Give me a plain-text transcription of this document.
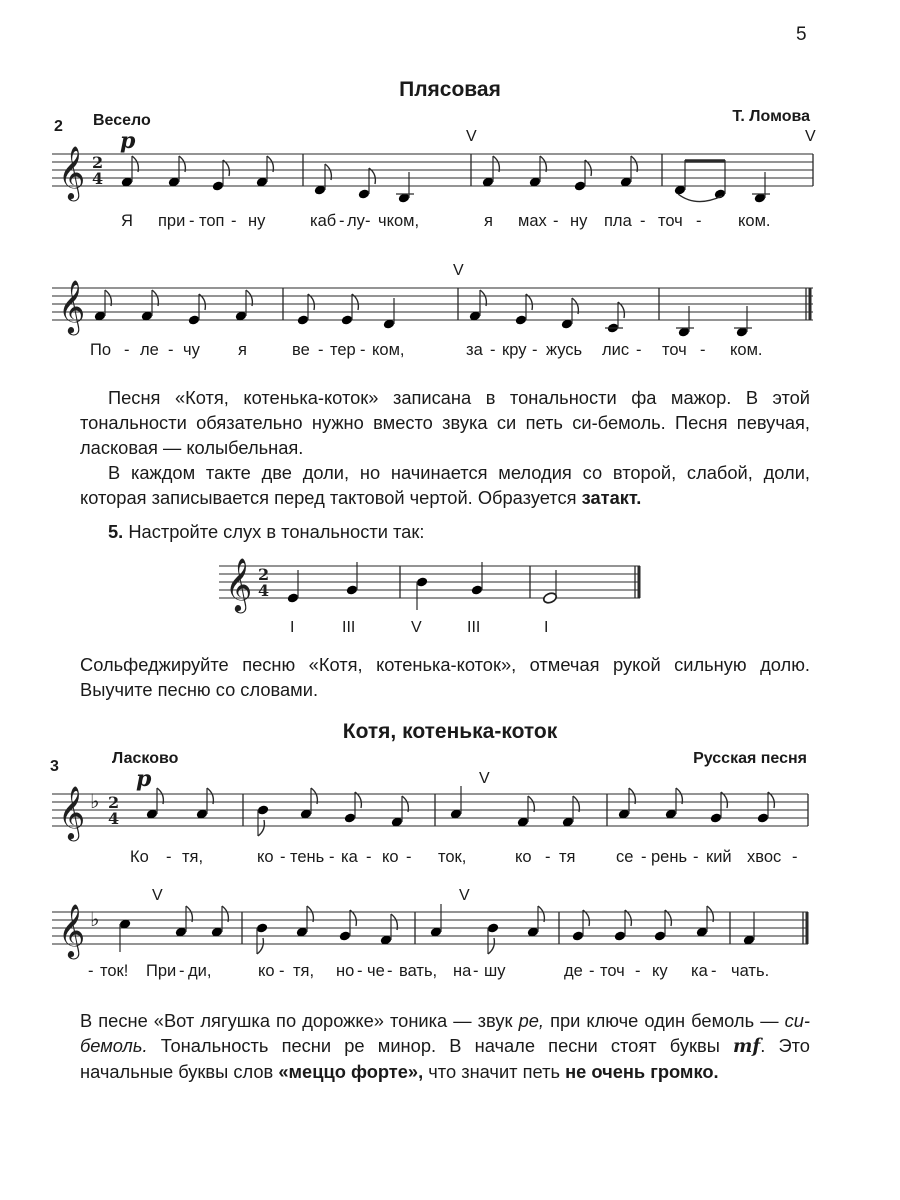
5
Плясовая
2 Весело	Т. Ломова
p	V	V
V
𝄞 2
4
Я при - топ - ну	каб - лу - чком,	я мах - ну пла - точ - ком.
𝄞
По - ле - чу я	ве - тер - ком,	за - кру - жусь лис - точ - ком.

Песня «Котя, котенька-коток» записана в тональности фа мажор. В этой тональности обязательно нужно вместо звука си петь си-бемоль. Песня певучая, ласковая — колыбельная.

В каждом такте две доли, но начинается мелодия со второй, слабой, доли, которая записывается перед тактовой чертой. Образуется затакт.

5. Настройте слух в тональности так:
𝄞 2
4
I	III	V	III	I

Сольфеджируйте песню «Котя, котенька-коток», отмечая рукой сильную долю. Выучите песню со словами.

Котя, котенька-коток
3	Ласково	Русская песня
p	V
V	V
𝄞 ♭ 2
4
Ко - тя,	ко - тень - ка - ко - ток,	ко - тя се - рень - кий хвос -
𝄞 ♭
- ток! При - ди,	ко - тя, но - че - вать, на - шу	де - точ - ку ка - чать.

В песне «Вот лягушка по дорожке» тоника — звук ре, при ключе один бемоль — си-бемоль. Тональность песни ре минор. В начале песни стоят буквы mf. Это начальные буквы слов «меццо форте», что значит петь не очень громко.
